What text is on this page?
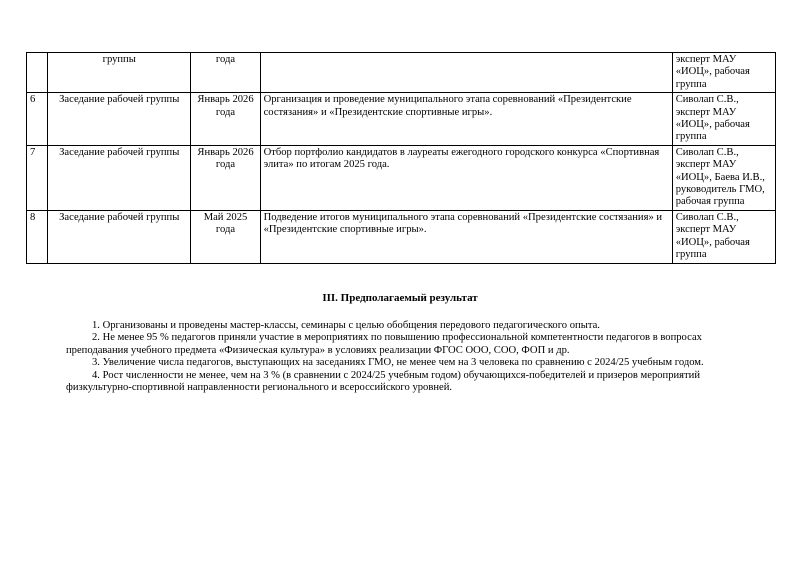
	группы	года		эксперт МАУ
«ИОЦ», рабочая
группа

6	Заседание рабочей группы	Январь 2026 года	Организация и проведение муниципального этапа соревнований «Президентские состязания» и «Президентские спортивные игры».	Сиволап С.В.,
эксперт МАУ
«ИОЦ», рабочая
группа

7	Заседание рабочей группы	Январь 2026 года	Отбор портфолио кандидатов в лауреаты ежегодного городского конкурса «Спортивная элита» по итогам 2025 года.	Сиволап С.В.,
эксперт МАУ
«ИОЦ», Баева И.В.,
руководитель ГМО,
рабочая группа

8	Заседание рабочей группы	Май 2025 года	Подведение итогов муниципального этапа соревнований «Президентские состязания» и «Президентские спортивные игры».	Сиволап С.В.,
эксперт МАУ
«ИОЦ», рабочая
группа
III. Предполагаемый результат

1. Организованы и проведены мастер-классы, семинары с целью обобщения передового педагогического опыта.

2. Не менее 95 % педагогов приняли участие в мероприятиях по повышению профессиональной компетентности педагогов в вопросах преподавания учебного предмета «Физическая культура» в условиях реализации ФГОС ООО, СОО, ФОП и др.

3. Увеличение числа педагогов, выступающих на заседаниях ГМО, не менее чем на 3 человека по сравнению с 2024/25 учебным годом.

4. Рост численности не менее, чем на 3 % (в сравнении с 2024/25 учебным годом) обучающихся-победителей и призеров мероприятий физкультурно-спортивной направленности регионального и всероссийского уровней.
